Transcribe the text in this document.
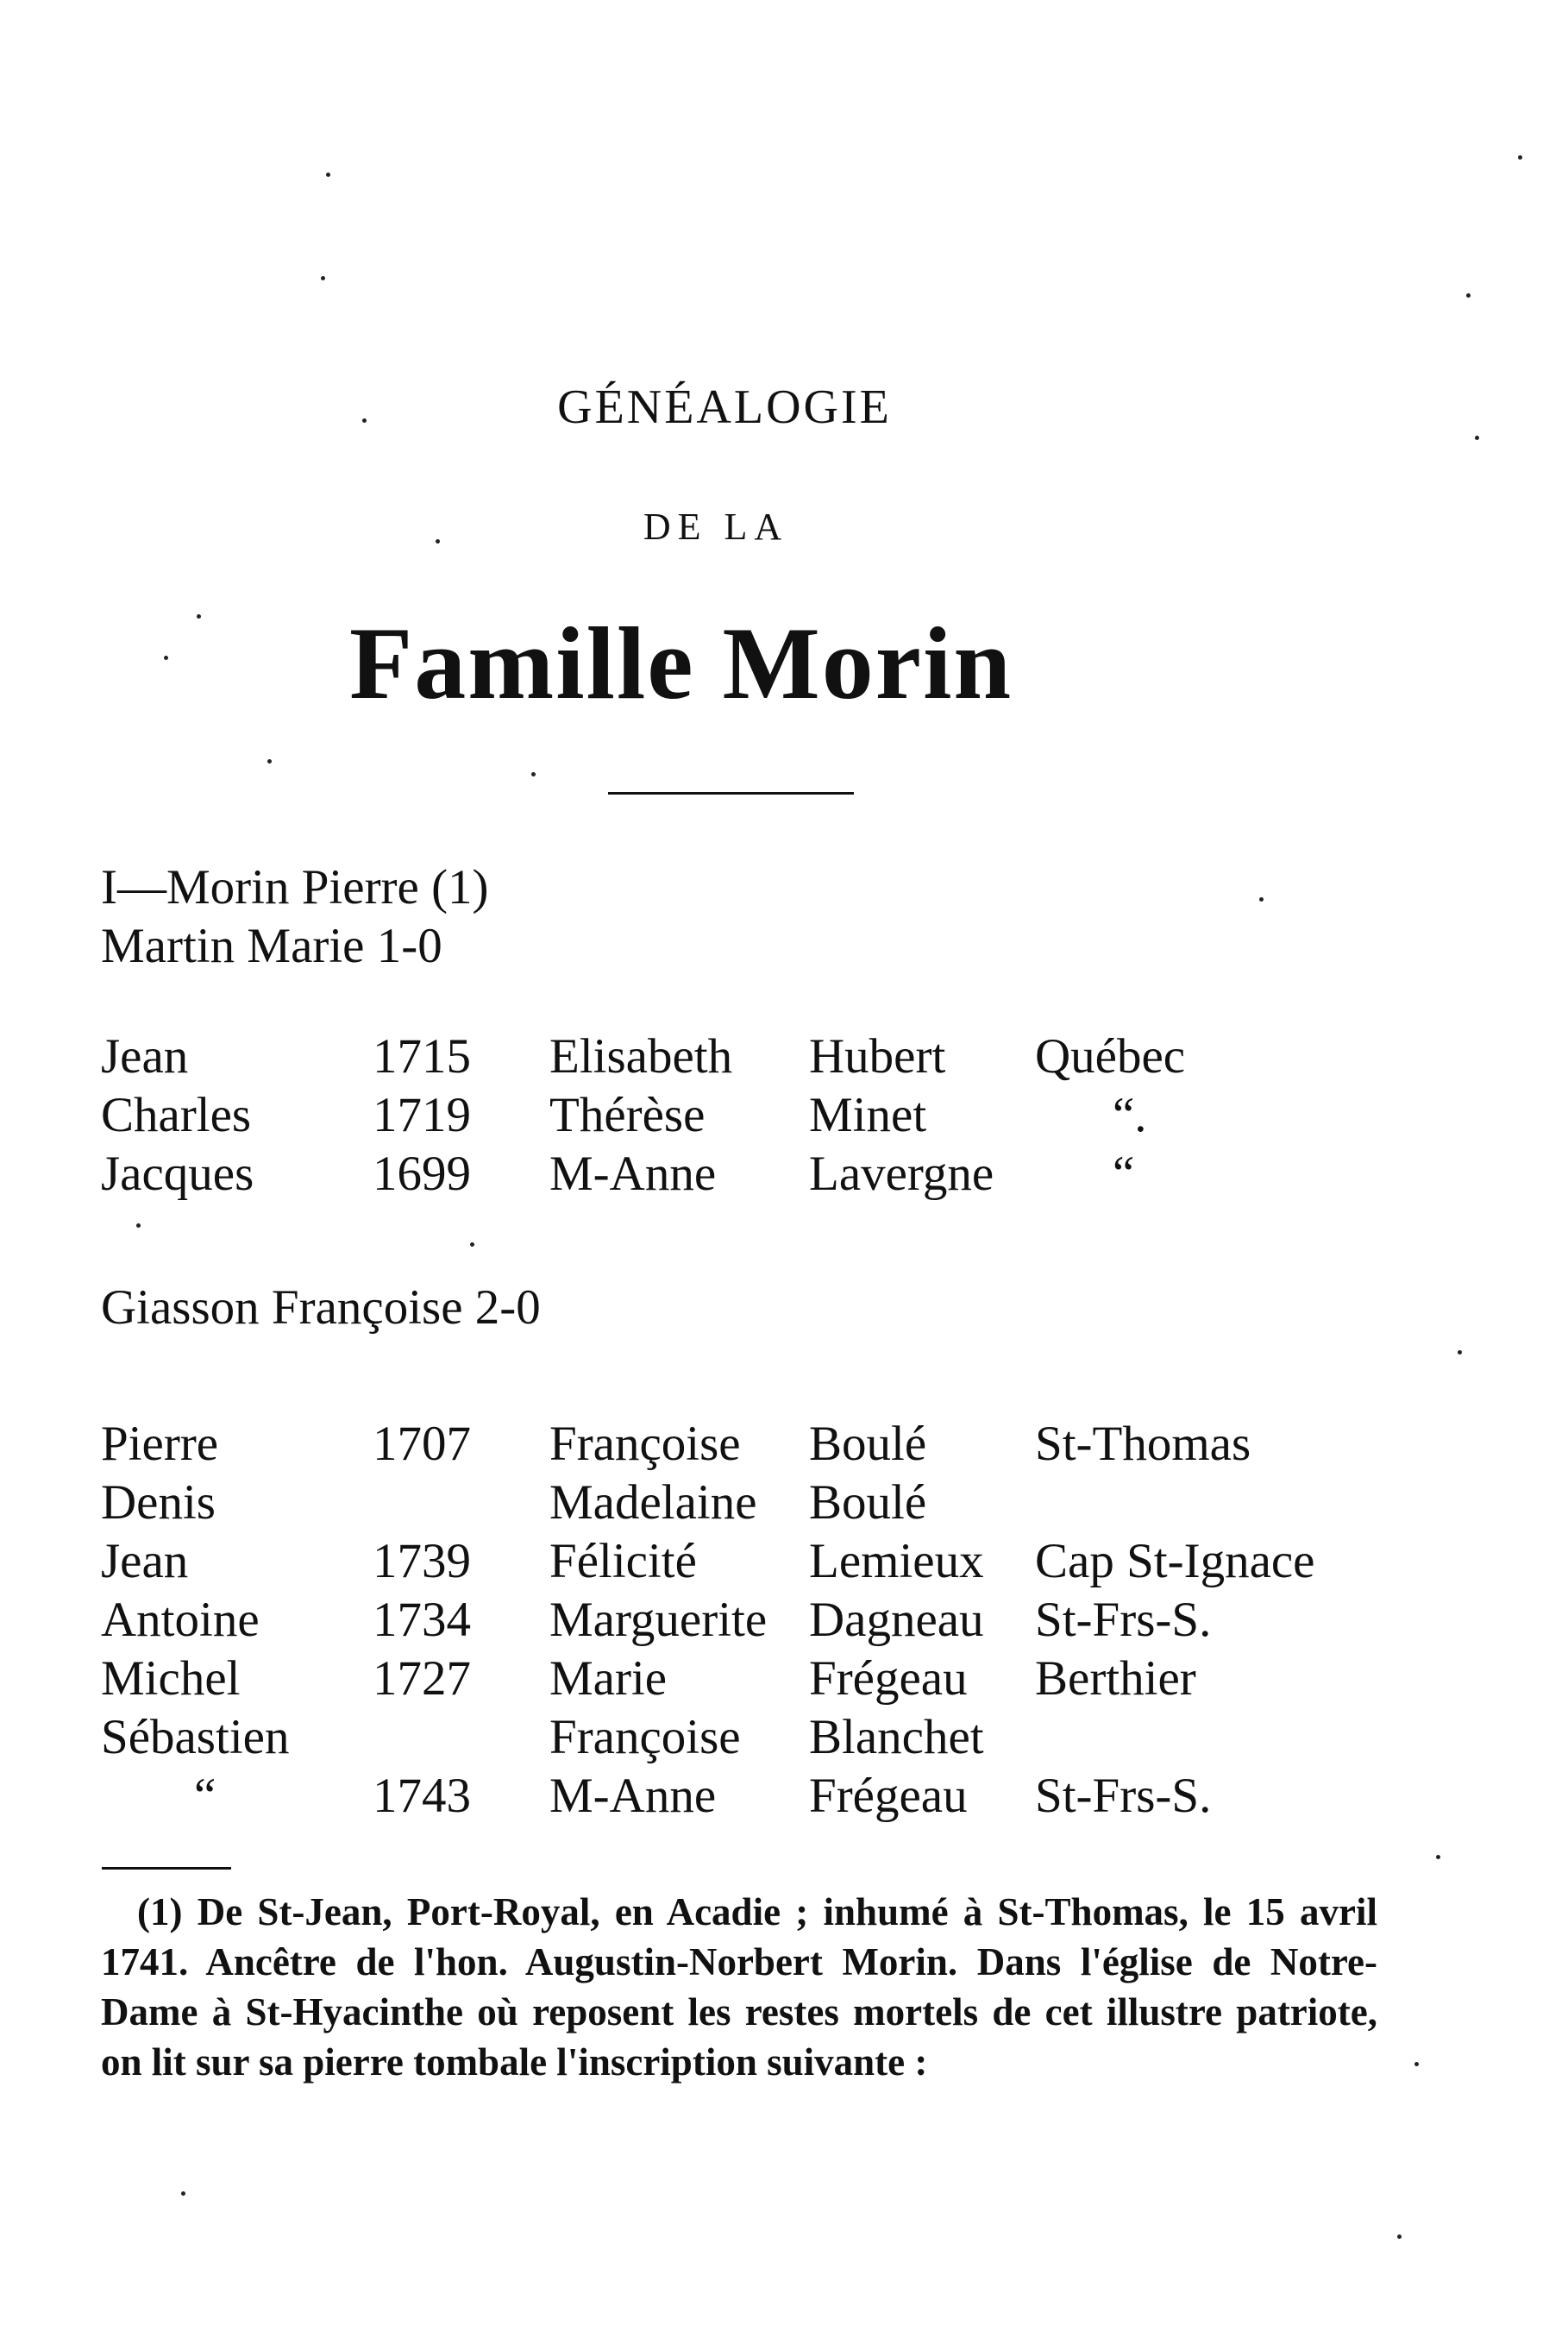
GÉNÉALOGIE
DE LA
Famille Morin
I—Morin Pierre (1)
Martin Marie 1-0
Jean	1715 Elisabeth Hubert Québec
Charles 1719 Thérèse Minet	“.
Jacques 1699 M-Anne Lavergne “
Giasson Françoise 2-0
Pierre	1707 Françoise Boulé St-Thomas
Denis	Madelaine Boulé
Jean	1739 Félicité Lemieux Cap St-Ignace
Antoine 1734 Marguerite Dagneau St-Frs-S.
Michel	1727 Marie	Frégeau Berthier
Sébastien	Françoise Blanchet
“	1743 M-Anne Frégeau St-Frs-S.
(1) De St-Jean, Port-Royal, en Acadie ; inhumé à St-Thomas, le 15 avril 1741. Ancêtre de l'hon. Augustin-Norbert Morin. Dans l'église de Notre-Dame à St-Hyacinthe où reposent les restes mortels de cet illustre patriote, on lit sur sa pierre tombale l'inscription suivante :
